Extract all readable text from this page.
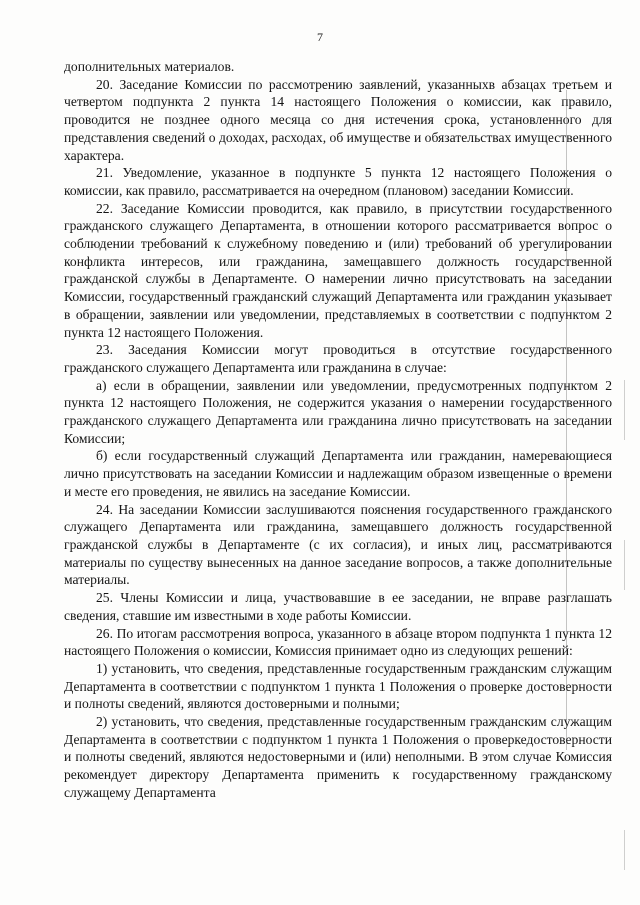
7

дополнительных материалов.

20. Заседание Комиссии по рассмотрению заявлений, указанныхв абзацах третьем и четвертом подпункта 2 пункта 14 настоящего Положения о комиссии, как правило, проводится не позднее одного месяца со дня истечения срока, установленного для представления сведений о доходах, расходах, об имуществе и обязательствах имущественного характера.

21. Уведомление, указанное в подпункте 5 пункта 12 настоящего Положения о комиссии, как правило, рассматривается на очередном (плановом) заседании Комиссии.

22. Заседание Комиссии проводится, как правило, в присутствии государственного гражданского служащего Департамента, в отношении которого рассматривается вопрос о соблюдении требований к служебному поведению и (или) требований об урегулировании конфликта интересов, или гражданина, замещавшего должность государственной гражданской службы в Департаменте. О намерении лично присутствовать на заседании Комиссии, государственный гражданский служащий Департамента или гражданин указывает в обращении, заявлении или уведомлении, представляемых в соответствии с подпунктом 2 пункта 12 настоящего Положения.

23. Заседания Комиссии могут проводиться в отсутствие государственного гражданского служащего Департамента или гражданина в случае:

а) если в обращении, заявлении или уведомлении, предусмотренных подпунктом 2 пункта 12 настоящего Положения, не содержится указания о намерении государственного гражданского служащего Департамента или гражданина лично присутствовать на заседании Комиссии;

б) если государственный служащий Департамента или гражданин, намеревающиеся лично присутствовать на заседании Комиссии и надлежащим образом извещенные о времени и месте его проведения, не явились на заседание Комиссии.

24. На заседании Комиссии заслушиваются пояснения государственного гражданского служащего Департамента или гражданина, замещавшего должность государственной гражданской службы в Департаменте (с их согласия), и иных лиц, рассматриваются материалы по существу вынесенных на данное заседание вопросов, а также дополнительные материалы.

25. Члены Комиссии и лица, участвовавшие в ее заседании, не вправе разглашать сведения, ставшие им известными в ходе работы Комиссии.

26. По итогам рассмотрения вопроса, указанного в абзаце втором подпункта 1 пункта 12 настоящего Положения о комиссии, Комиссия принимает одно из следующих решений:

1) установить, что сведения, представленные государственным гражданским служащим Департамента в соответствии с подпунктом 1 пункта 1 Положения о проверке достоверности и полноты сведений, являются достоверными и полными;

2) установить, что сведения, представленные государственным гражданским служащим Департамента в соответствии с подпунктом 1 пункта 1 Положения о проверкедостоверности и полноты сведений, являются недостоверными и (или) неполными. В этом случае Комиссия рекомендует директору Департамента применить к государственному гражданскому служащему Департамента
